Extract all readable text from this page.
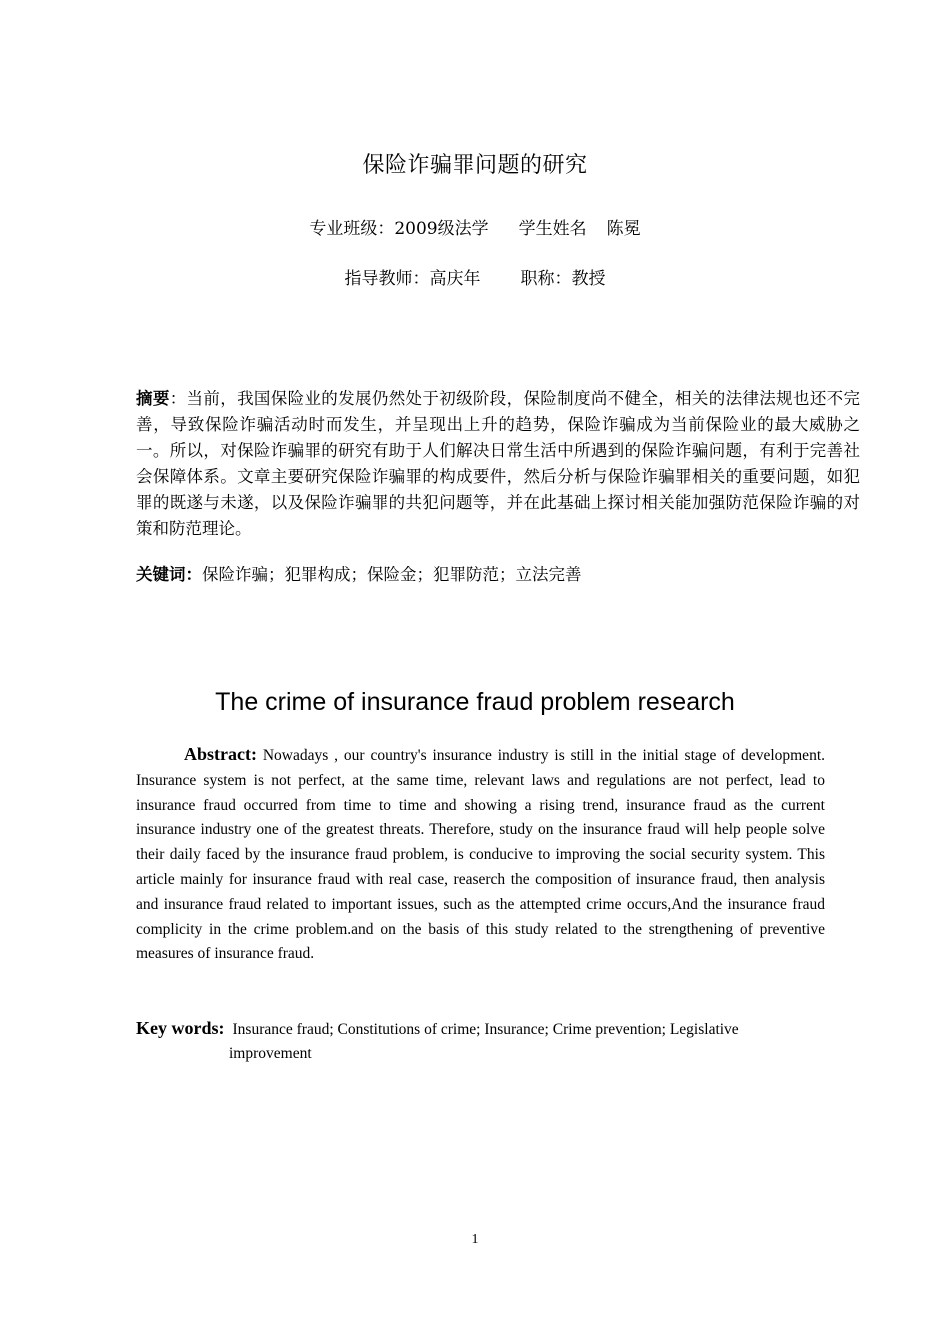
保险诈骗罪问题的研究
专业班级：2009级法学 学生姓名 陈冕
指导教师：高庆年 职称：教授
摘要：当前，我国保险业的发展仍然处于初级阶段，保险制度尚不健全，相关的法律法规也还不完善，导致保险诈骗活动时而发生，并呈现出上升的趋势，保险诈骗成为当前保险业的最大威胁之一。所以，对保险诈骗罪的研究有助于人们解决日常生活中所遇到的保险诈骗问题，有利于完善社会保障体系。文章主要研究保险诈骗罪的构成要件，然后分析与保险诈骗罪相关的重要问题，如犯罪的既遂与未遂，以及保险诈骗罪的共犯问题等，并在此基础上探讨相关能加强防范保险诈骗的对策和防范理论。
关键词：保险诈骗；犯罪构成；保险金；犯罪防范；立法完善
The crime of insurance fraud problem research
Abstract: Nowadays , our country's insurance industry is still in the initial stage of development. Insurance system is not perfect, at the same time, relevant laws and regulations are not perfect, lead to insurance fraud occurred from time to time and showing a rising trend, insurance fraud as the current insurance industry one of the greatest threats. Therefore, study on the insurance fraud will help people solve their daily faced by the insurance fraud problem, is conducive to improving the social security system. This article mainly for insurance fraud with real case, reaserch the composition of insurance fraud, then analysis and insurance fraud related to important issues, such as the attempted crime occurs,And the insurance fraud complicity in the crime problem.and on the basis of this study related to the strengthening of preventive measures of insurance fraud.
Key words: Insurance fraud; Constitutions of crime; Insurance; Crime prevention; Legislative
improvement
1
